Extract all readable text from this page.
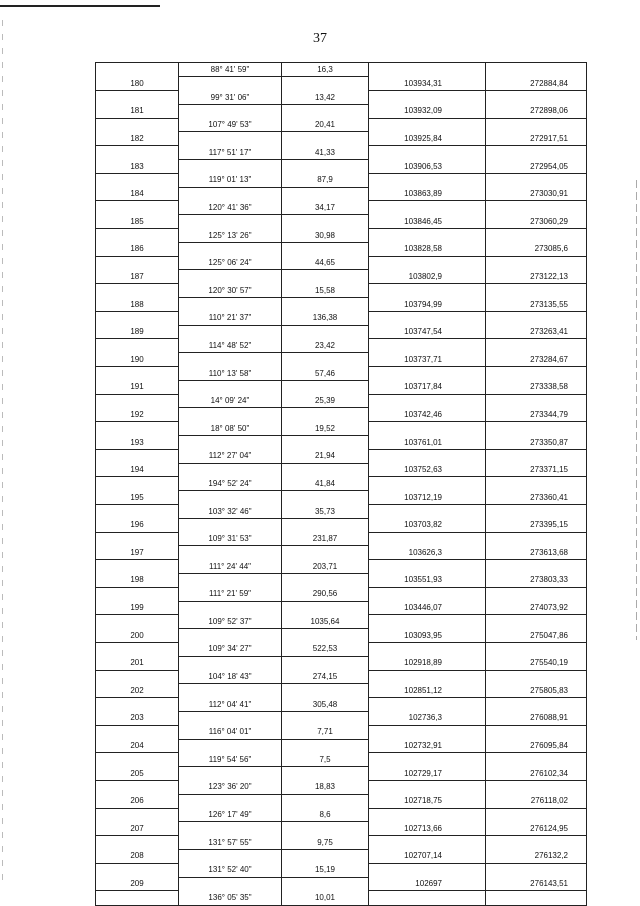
37
	88° 41' 59"	16,3		
180			103934,31	272884,84
	99° 31' 06"	13,42		
181			103932,09	272898,06
	107° 49' 53"	20,41		
182			103925,84	272917,51
	117° 51' 17"	41,33		
183			103906,53	272954,05
	119° 01' 13"	87,9		
184			103863,89	273030,91
	120° 41' 36"	34,17		
185			103846,45	273060,29
	125° 13' 26"	30,98		
186			103828,58	273085,6
	125° 06' 24"	44,65		
187			103802,9	273122,13
	120° 30' 57"	15,58		
188			103794,99	273135,55
	110° 21' 37"	136,38		
189			103747,54	273263,41
	114° 48' 52"	23,42		
190			103737,71	273284,67
	110° 13' 58"	57,46		
191			103717,84	273338,58
	14° 09' 24"	25,39		
192			103742,46	273344,79
	18° 08' 50"	19,52		
193			103761,01	273350,87
	112° 27' 04"	21,94		
194			103752,63	273371,15
	194° 52' 24"	41,84		
195			103712,19	273360,41
	103° 32' 46"	35,73		
196			103703,82	273395,15
	109° 31' 53"	231,87		
197			103626,3	273613,68
	111° 24' 44"	203,71		
198			103551,93	273803,33
	111° 21' 59"	290,56		
199			103446,07	274073,92
	109° 52' 37"	1035,64		
200			103093,95	275047,86
	109° 34' 27"	522,53		
201			102918,89	275540,19
	104° 18' 43"	274,15		
202			102851,12	275805,83
	112° 04' 41"	305,48		
203			102736,3	276088,91
	116° 04' 01"	7,71		
204			102732,91	276095,84
	119° 54' 56"	7,5		
205			102729,17	276102,34
	123° 36' 20"	18,83		
206			102718,75	276118,02
	126° 17' 49"	8,6		
207			102713,66	276124,95
	131° 57' 55"	9,75		
208			102707,14	276132,2
	131° 52' 40"	15,19		
209			102697	276143,51
	136° 05' 35"	10,01		
